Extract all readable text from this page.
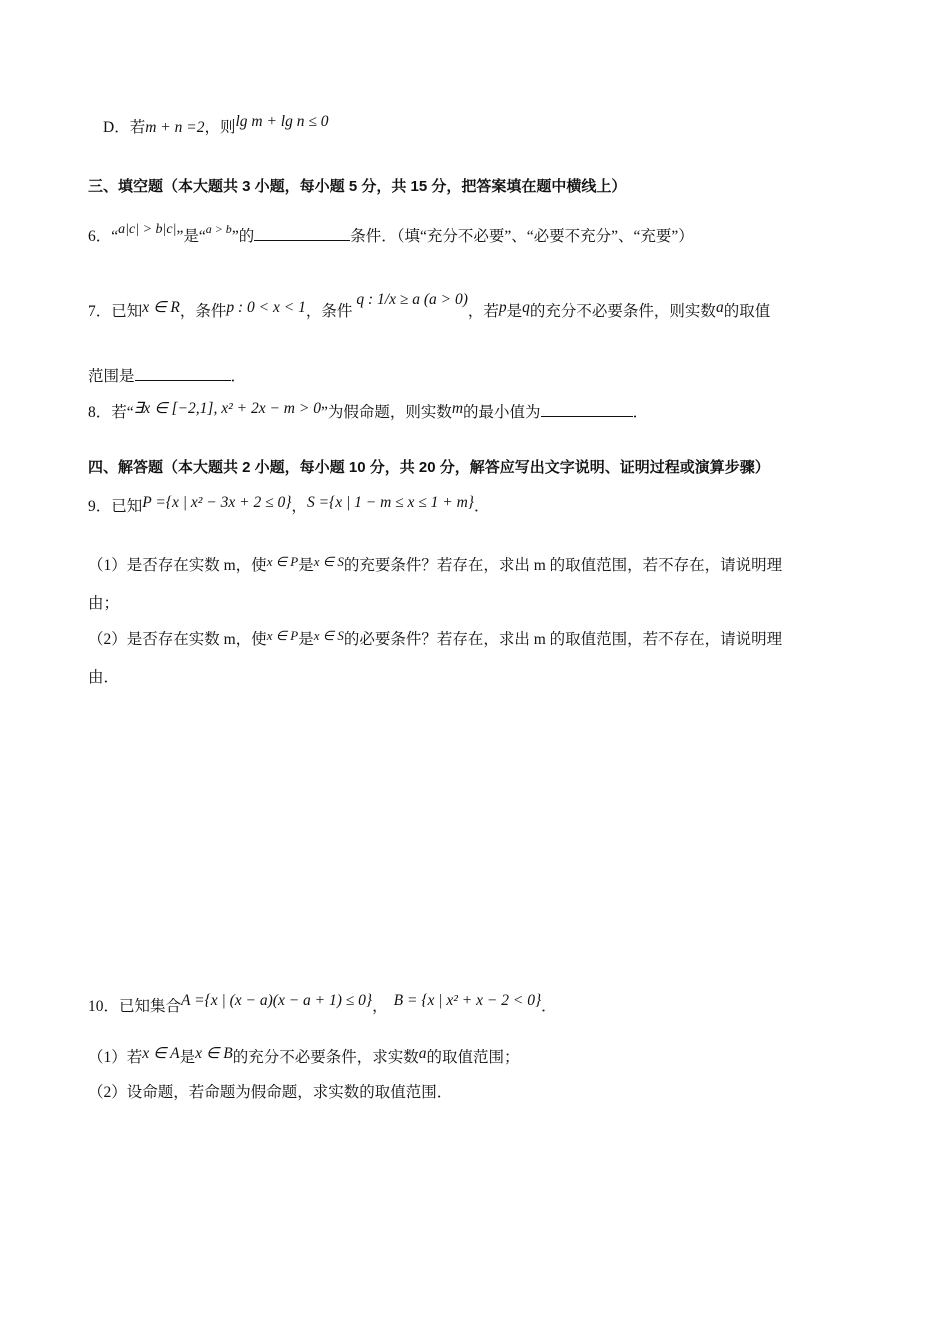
D．若m + n =2，则lg m + lg n ≤ 0
三、填空题（本大题共 3 小题，每小题 5 分，共 15 分，把答案填在题中横线上）
6．“a|c| > b|c|”是“$^{a > b}$”的	条件．（填“充分不必要”、“必要不充分”、“充要”）
7．已知x ∈ R，条件p : 0 < x < 1，条件q : 1/x ≥ a (a > 0)，若p是q的充分不必要条件，则实数a的取值
范围是	．
8．若“∃x ∈ [−2,1], x² + 2x − m > 0”为假命题，则实数m的最小值为	．
四、解答题（本大题共 2 小题，每小题 10 分，共 20 分，解答应写出文字说明、证明过程或演算步骤）
9．已知P ={x | x² − 3x + 2 ≤ 0}，S ={x | 1 − m ≤ x ≤ 1 + m}．
（1）是否存在实数 m，使$^{x \in P}$是$^{x \in S}$的充要条件？若存在，求出 m 的取值范围，若不存在，请说明理
由；
（2）是否存在实数 m，使$^{x \in P}$是$^{x \in S}$的必要条件？若存在，求出 m 的取值范围，若不存在，请说明理
由．
10．已知集合A ={x | (x − a)(x − a + 1) ≤ 0}， B = {x | x² + x − 2 < 0}．
（1）若x ∈ A是x ∈ B的充分不必要条件，求实数a的取值范围；
（2）设命题，若命题为假命题，求实数的取值范围．
